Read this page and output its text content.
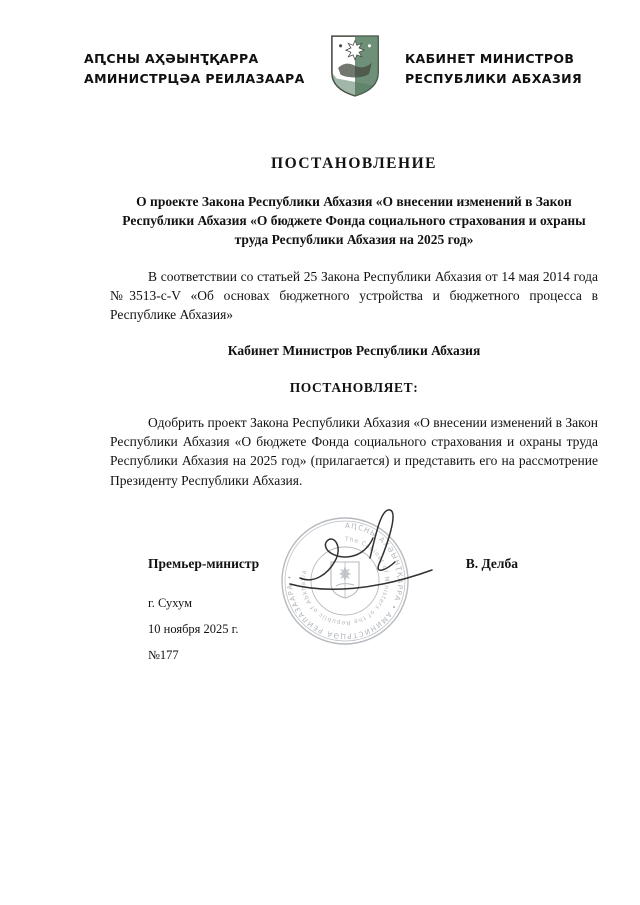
АԤСНЫ АҲӘЫНҬҚАРРА
АМИНИСТРЦӘА РЕИЛАЗААРА
КАБИНЕТ МИНИСТРОВ
РЕСПУБЛИКИ АБХАЗИЯ
ПОСТАНОВЛЕНИЕ

О проекте Закона Республики Абхазия «О внесении изменений в Закон Республики Абхазия «О бюджете Фонда социального страхования и охраны труда Республики Абхазия на 2025 год»

В соответствии со статьей 25 Закона Республики Абхазия от 14 мая 2014 года №3513-с-V «Об основах бюджетного устройства и бюджетного процесса в Республике Абхазия»

Кабинет Министров Республики Абхазия

ПОСТАНОВЛЯЕТ:

Одобрить проект Закона Республики Абхазия «О внесении изменений в Закон Республики Абхазия «О бюджете Фонда социального страхования и охраны труда Республики Абхазия на 2025 год» (прилагается) и представить его на рассмотрение Президенту Республики Абхазия.

АԤСНЫ АҲӘЫНҬҚАРРА • АМИНИСТРЦӘА РЕИЛАЗААРА •
The Cabinet of Ministers of the Republic of Abkhazia
Премьер-министр	В. Делба
г. Сухум
10 ноября 2025 г.
№177
